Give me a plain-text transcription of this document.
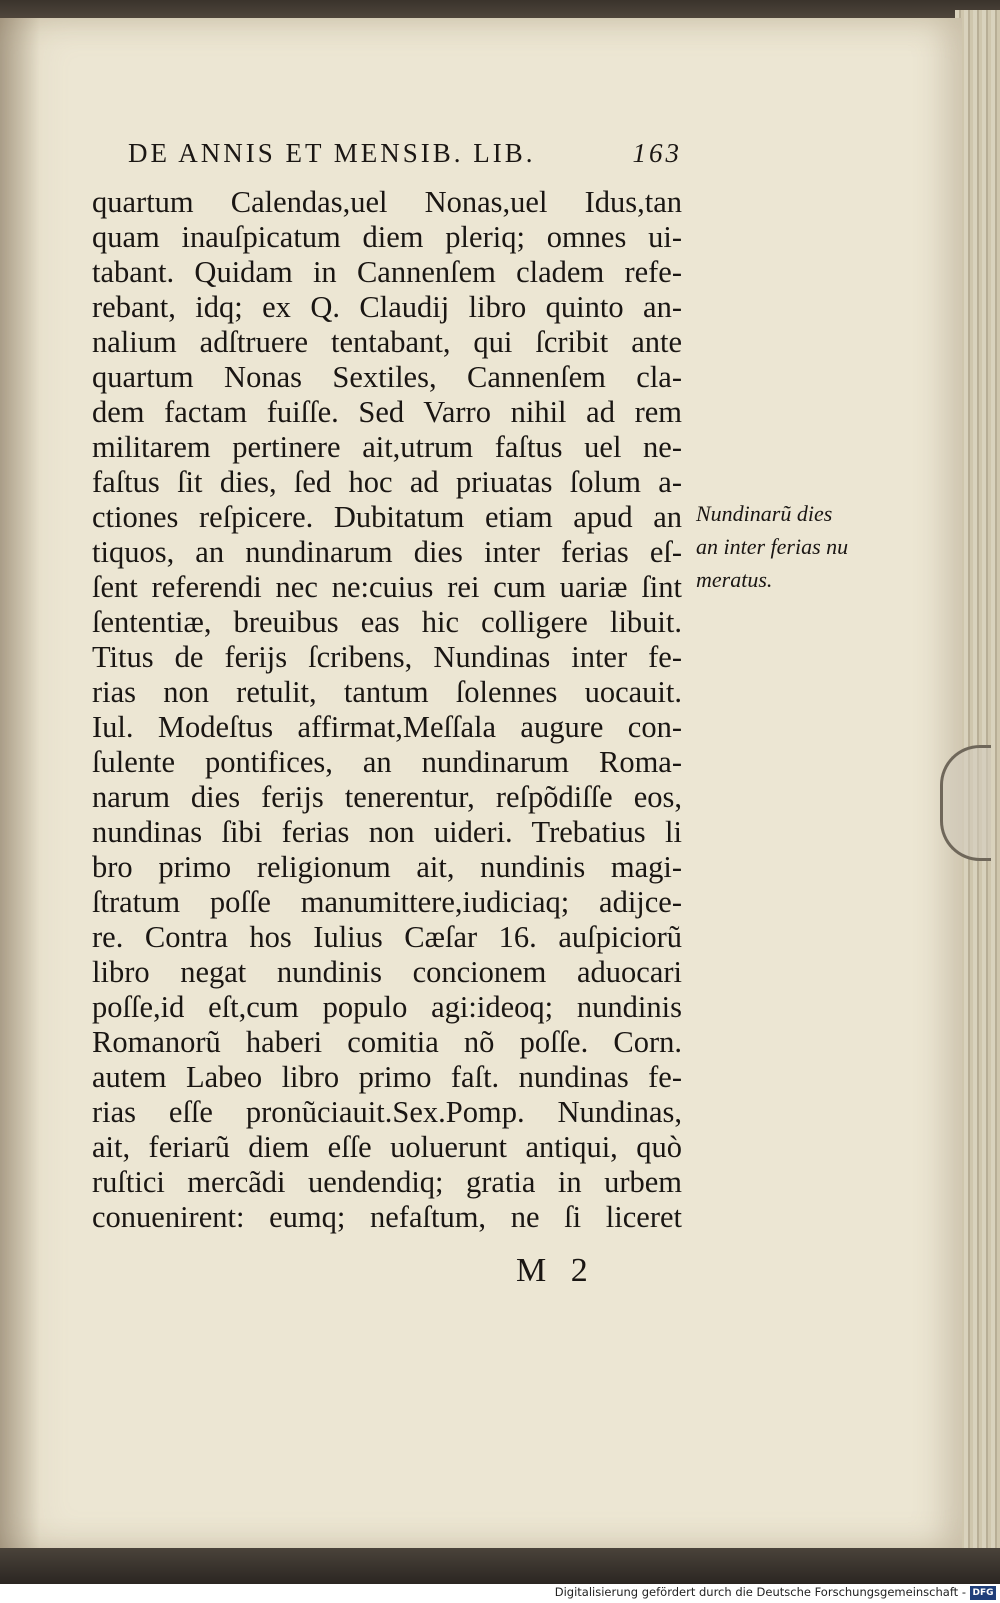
DE ANNIS ET MENSIB. LIB.	163
quartum Calendas,uel Nonas,uel Idus,tan
quam inauſpicatum diem pleriq; omnes ui-
tabant. Quidam in Cannenſem cladem refe-
rebant, idq; ex Q. Claudij libro quinto an-
nalium adſtruere tentabant, qui ſcribit ante
quartum Nonas Sextiles, Cannenſem cla-
dem factam fuiſſe. Sed Varro nihil ad rem
militarem pertinere ait,utrum faſtus uel ne-
faſtus ſit dies, ſed hoc ad priuatas ſolum a-
ctiones reſpicere. Dubitatum etiam apud an
tiquos, an nundinarum dies inter ferias eſ-
ſent referendi nec ne:cuius rei cum uariæ ſint
ſententiæ, breuibus eas hic colligere libuit.
Titus de ferijs ſcribens, Nundinas inter fe-
rias non retulit, tantum ſolennes uocauit.
Iul. Modeſtus affirmat,Meſſala augure con-
ſulente pontifices, an nundinarum Roma-
narum dies ferijs tenerentur, reſpõdiſſe eos,
nundinas ſibi ferias non uideri. Trebatius li
bro primo religionum ait, nundinis magi-
ſtratum poſſe manumittere,iudiciaq; adijce-
re. Contra hos Iulius Cæſar 16. auſpiciorũ
libro negat nundinis concionem aduocari
poſſe,id eſt,cum populo agi:ideoq; nundinis
Romanorũ haberi comitia nõ poſſe. Corn.
autem Labeo libro primo faſt. nundinas fe-
rias eſſe pronũciauit.Sex.Pomp. Nundinas,
ait, feriarũ diem eſſe uoluerunt antiqui, quò
ruſtici mercãdi uendendiq; gratia in urbem
conuenirent: eumq; nefaſtum, ne ſi liceret
Nundinarũ dies
an inter ferias nu
meratus.
M 2
Digitalisierung gefördert durch die Deutsche Forschungsgemeinschaft - DFG
